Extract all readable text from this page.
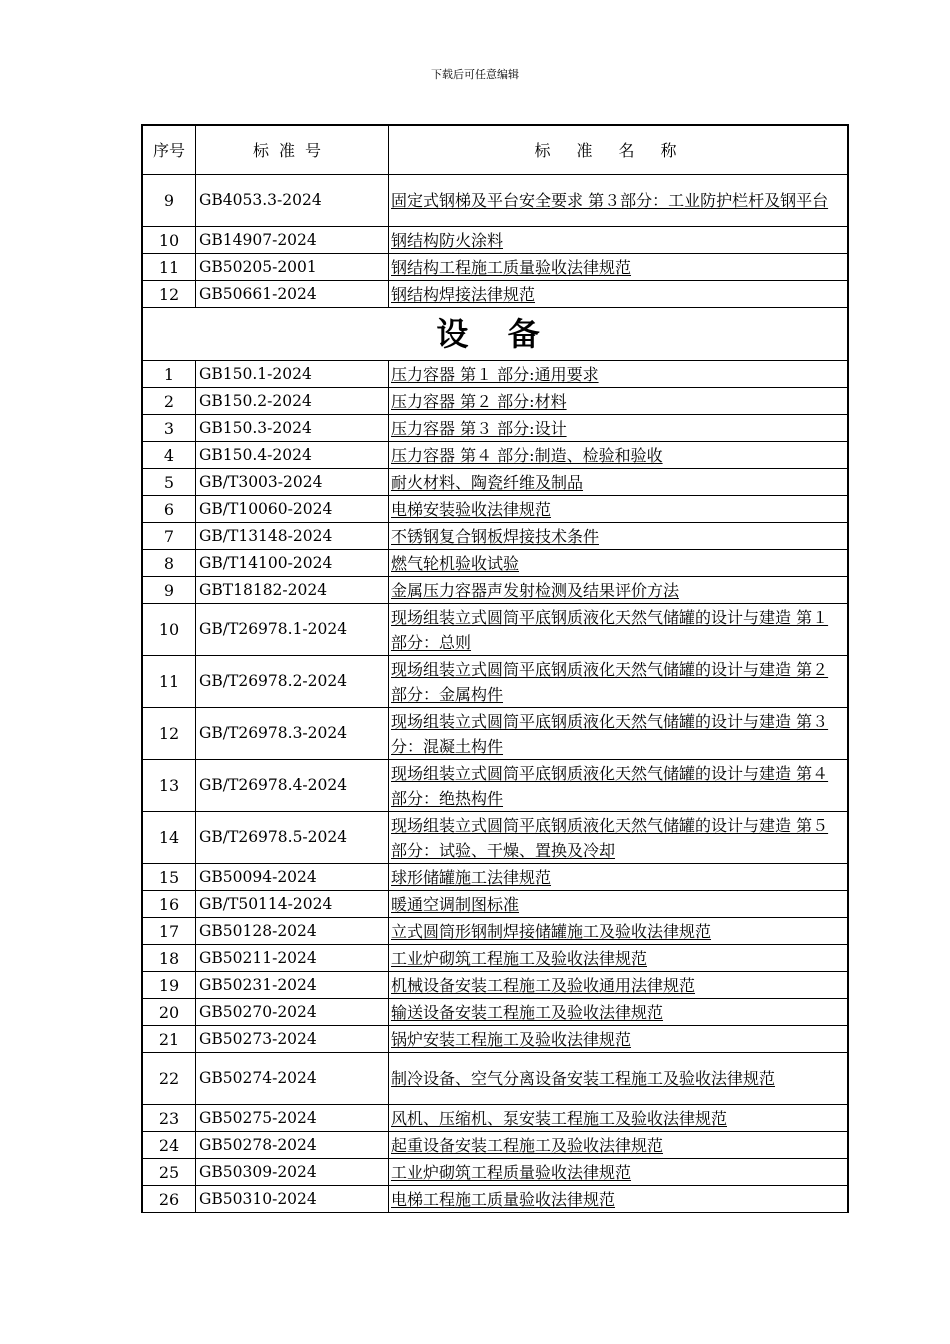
下载后可任意编辑
序号	标准号	标准名称
9	GB4053.3-2024	固定式钢梯及平台安全要求 第３部分：工业防护栏杆及钢平台
10	GB14907-2024	钢结构防火涂料
11	GB50205-2001	钢结构工程施工质量验收法律规范
12	GB50661-2024	钢结构焊接法律规范
设 备		
1	GB150.1-2024	压力容器 第１ 部分:通用要求
2	GB150.2-2024	压力容器 第２ 部分:材料
3	GB150.3-2024	压力容器 第３ 部分:设计
4	GB150.4-2024	压力容器 第４ 部分:制造、检验和验收
5	GB/T3003-2024	耐火材料、陶瓷纤维及制品
6	GB/T10060-2024	电梯安装验收法律规范
7	GB/T13148-2024	不锈钢复合钢板焊接技术条件
8	GB/T14100-2024	燃气轮机验收试验
9	GBT18182-2024	金属压力容器声发射检测及结果评价方法
10	GB/T26978.1-2024	现场组装立式圆筒平底钢质液化天然气储罐的设计与建造 第１ 部分：总则
11	GB/T26978.2-2024	现场组装立式圆筒平底钢质液化天然气储罐的设计与建造 第２ 部分：金属构件
12	GB/T26978.3-2024	现场组装立式圆筒平底钢质液化天然气储罐的设计与建造 第３ 分：混凝土构件
13	GB/T26978.4-2024	现场组装立式圆筒平底钢质液化天然气储罐的设计与建造 第４ 部分：绝热构件
14	GB/T26978.5-2024	现场组装立式圆筒平底钢质液化天然气储罐的设计与建造 第５ 部分：试验、干燥、置换及冷却
15	GB50094-2024	球形储罐施工法律规范
16	GB/T50114-2024	暖通空调制图标准
17	GB50128-2024	立式圆筒形钢制焊接储罐施工及验收法律规范
18	GB50211-2024	工业炉砌筑工程施工及验收法律规范
19	GB50231-2024	机械设备安装工程施工及验收通用法律规范
20	GB50270-2024	输送设备安装工程施工及验收法律规范
21	GB50273-2024	锅炉安装工程施工及验收法律规范
22	GB50274-2024	制冷设备、空气分离设备安装工程施工及验收法律规范
23	GB50275-2024	风机、压缩机、泵安装工程施工及验收法律规范
24	GB50278-2024	起重设备安装工程施工及验收法律规范
25	GB50309-2024	工业炉砌筑工程质量验收法律规范
26	GB50310-2024	电梯工程施工质量验收法律规范
